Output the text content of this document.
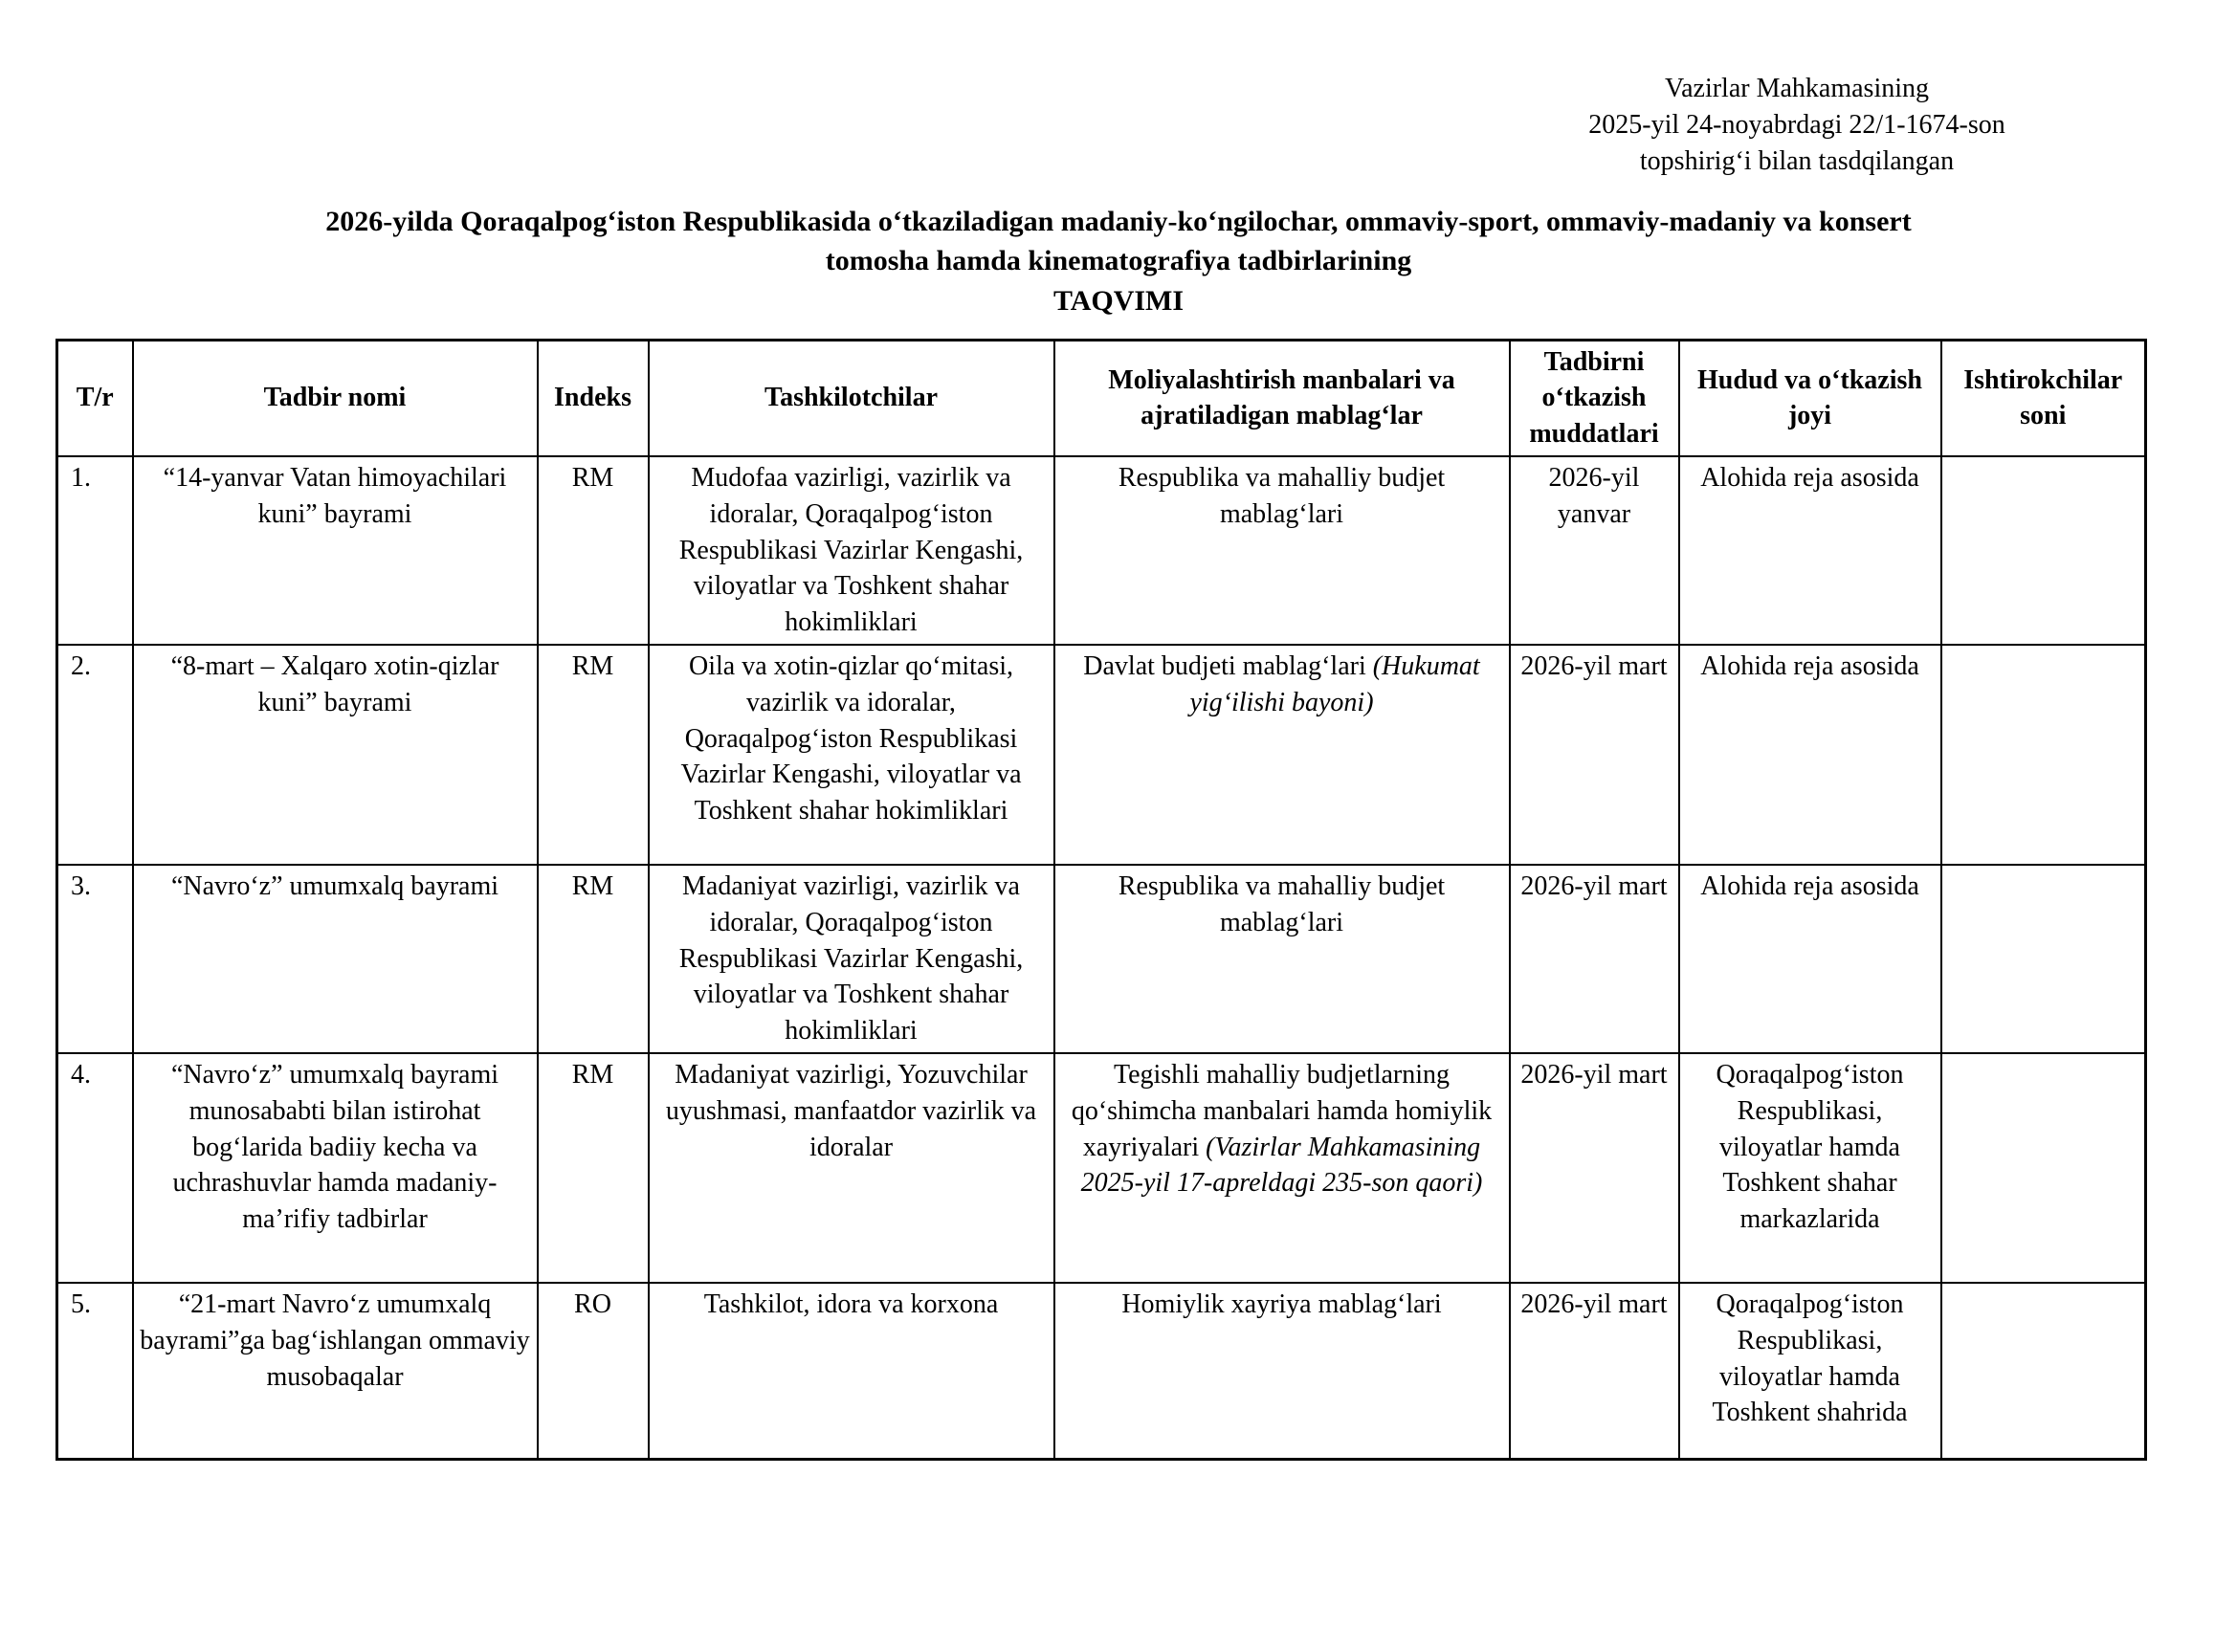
Vazirlar Mahkamasining
2025-yil 24-noyabrdagi 22/1-1674-son
topshirig‘i bilan tasdqilangan
2026-yilda Qoraqalpog‘iston Respublikasida o‘tkaziladigan madaniy-ko‘ngilochar, ommaviy-sport, ommaviy-madaniy va konsert
tomosha hamda kinematografiya tadbirlarining
TAQVIMI
T/r	Tadbir nomi	Indeks	Tashkilotchilar	Moliyalashtirish manbalari va ajratiladigan mablag‘lar	Tadbirni o‘tkazish muddatlari	Hudud va o‘tkazish joyi	Ishtirokchilar soni
1.	“14-yanvar Vatan himoyachilari kuni” bayrami	RM	Mudofaa vazirligi, vazirlik va idoralar, Qoraqalpog‘iston Respublikasi Vazirlar Kengashi, viloyatlar va Toshkent shahar hokimliklari	Respublika va mahalliy budjet mablag‘lari	2026-yil yanvar	Alohida reja asosida	
2.	“8-mart – Xalqaro xotin-qizlar kuni” bayrami	RM	Oila va xotin-qizlar qo‘mitasi, vazirlik va idoralar, Qoraqalpog‘iston Respublikasi Vazirlar Kengashi, viloyatlar va Toshkent shahar hokimliklari	Davlat budjeti mablag‘lari (Hukumat yig‘ilishi bayoni)	2026-yil mart	Alohida reja asosida	
3.	“Navro‘z” umumxalq bayrami	RM	Madaniyat vazirligi, vazirlik va idoralar, Qoraqalpog‘iston Respublikasi Vazirlar Kengashi, viloyatlar va Toshkent shahar hokimliklari	Respublika va mahalliy budjet mablag‘lari	2026-yil mart	Alohida reja asosida	
4.	“Navro‘z” umumxalq bayrami munosababti bilan istirohat bog‘larida badiiy kecha va uchrashuvlar hamda madaniy-ma’rifiy tadbirlar	RM	Madaniyat vazirligi, Yozuvchilar uyushmasi, manfaatdor vazirlik va idoralar	Tegishli mahalliy budjetlarning qo‘shimcha manbalari hamda homiylik xayriyalari (Vazirlar Mahkamasining 2025-yil 17-apreldagi 235-son qaori)	2026-yil mart	Qoraqalpog‘iston Respublikasi, viloyatlar hamda Toshkent shahar markazlarida	
5.	“21-mart Navro‘z umumxalq bayrami”ga bag‘ishlangan ommaviy musobaqalar	RO	Tashkilot, idora va korxona	Homiylik xayriya mablag‘lari	2026-yil mart	Qoraqalpog‘iston Respublikasi, viloyatlar hamda Toshkent shahrida	
